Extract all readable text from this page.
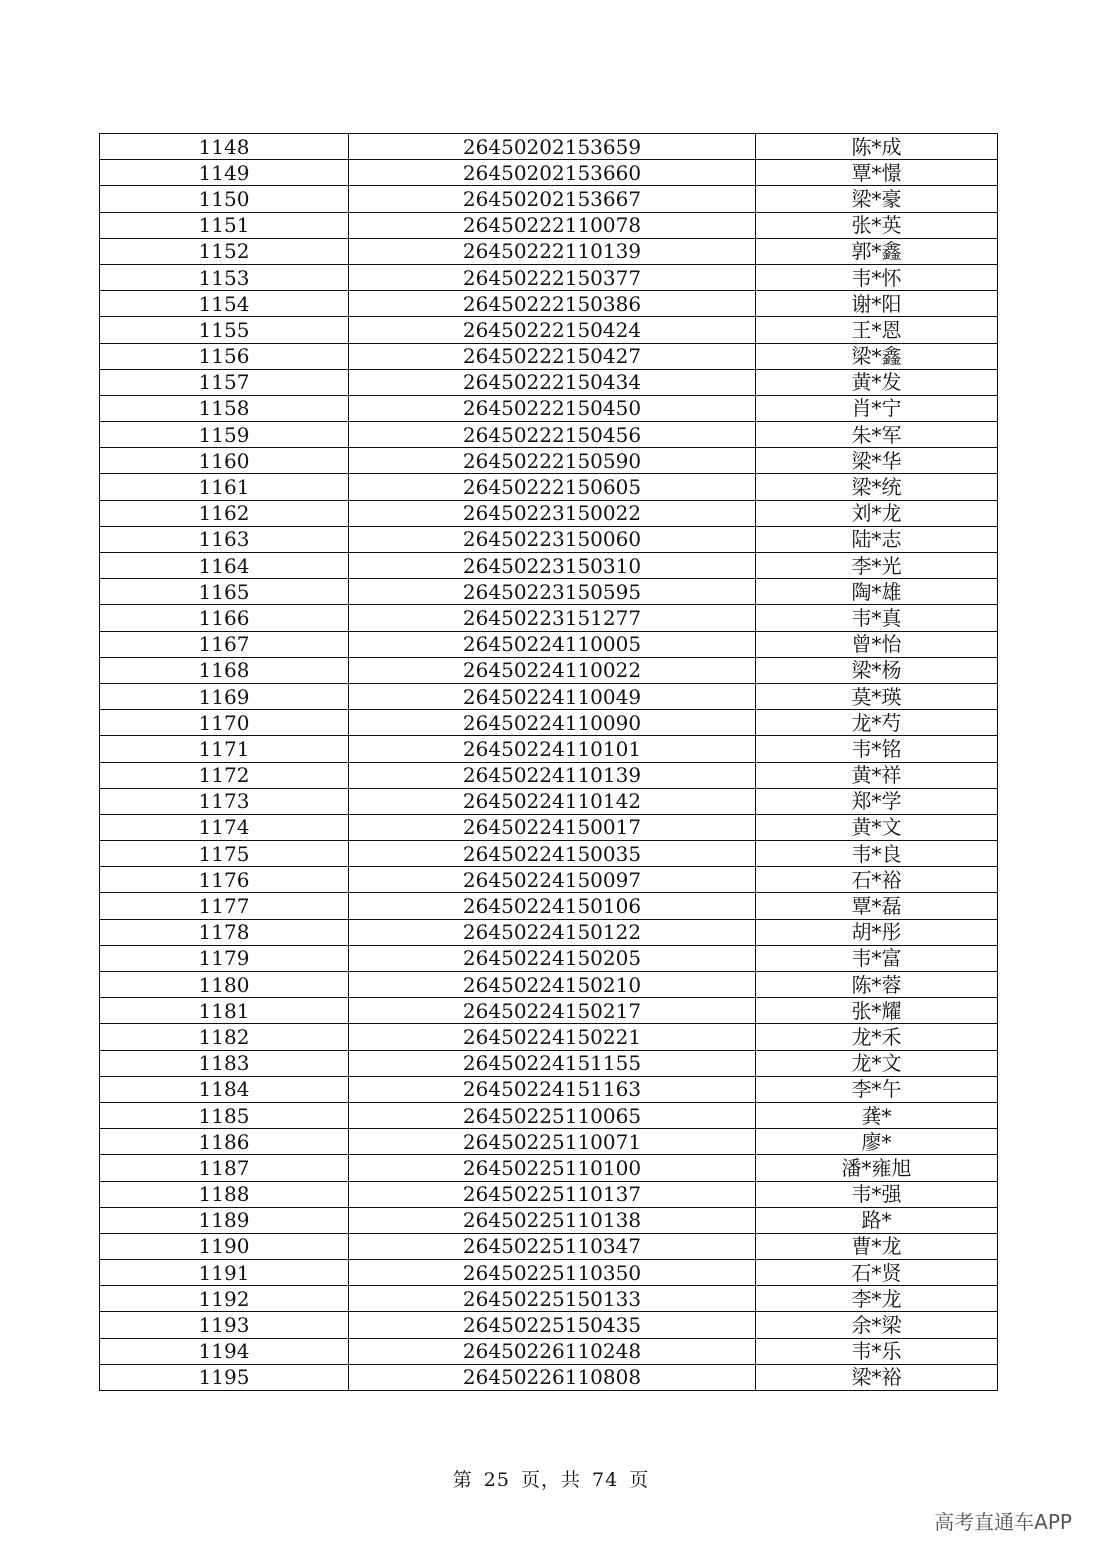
1148	26450202153659	陈*成
1149	26450202153660	覃*憬
1150	26450202153667	梁*豪
1151	26450222110078	张*英
1152	26450222110139	郭*鑫
1153	26450222150377	韦*怀
1154	26450222150386	谢*阳
1155	26450222150424	王*恩
1156	26450222150427	梁*鑫
1157	26450222150434	黄*发
1158	26450222150450	肖*宁
1159	26450222150456	朱*军
1160	26450222150590	梁*华
1161	26450222150605	梁*统
1162	26450223150022	刘*龙
1163	26450223150060	陆*志
1164	26450223150310	李*光
1165	26450223150595	陶*雄
1166	26450223151277	韦*真
1167	26450224110005	曾*怡
1168	26450224110022	梁*杨
1169	26450224110049	莫*瑛
1170	26450224110090	龙*芍
1171	26450224110101	韦*铭
1172	26450224110139	黄*祥
1173	26450224110142	郑*学
1174	26450224150017	黄*文
1175	26450224150035	韦*良
1176	26450224150097	石*裕
1177	26450224150106	覃*磊
1178	26450224150122	胡*彤
1179	26450224150205	韦*富
1180	26450224150210	陈*蓉
1181	26450224150217	张*耀
1182	26450224150221	龙*禾
1183	26450224151155	龙*文
1184	26450224151163	李*午
1185	26450225110065	龚*
1186	26450225110071	廖*
1187	26450225110100	潘*雍旭
1188	26450225110137	韦*强
1189	26450225110138	路*
1190	26450225110347	曹*龙
1191	26450225110350	石*贤
1192	26450225150133	李*龙
1193	26450225150435	余*梁
1194	26450226110248	韦*乐
1195	26450226110808	梁*裕
第 25 页，共 74 页
高考直通车APP
